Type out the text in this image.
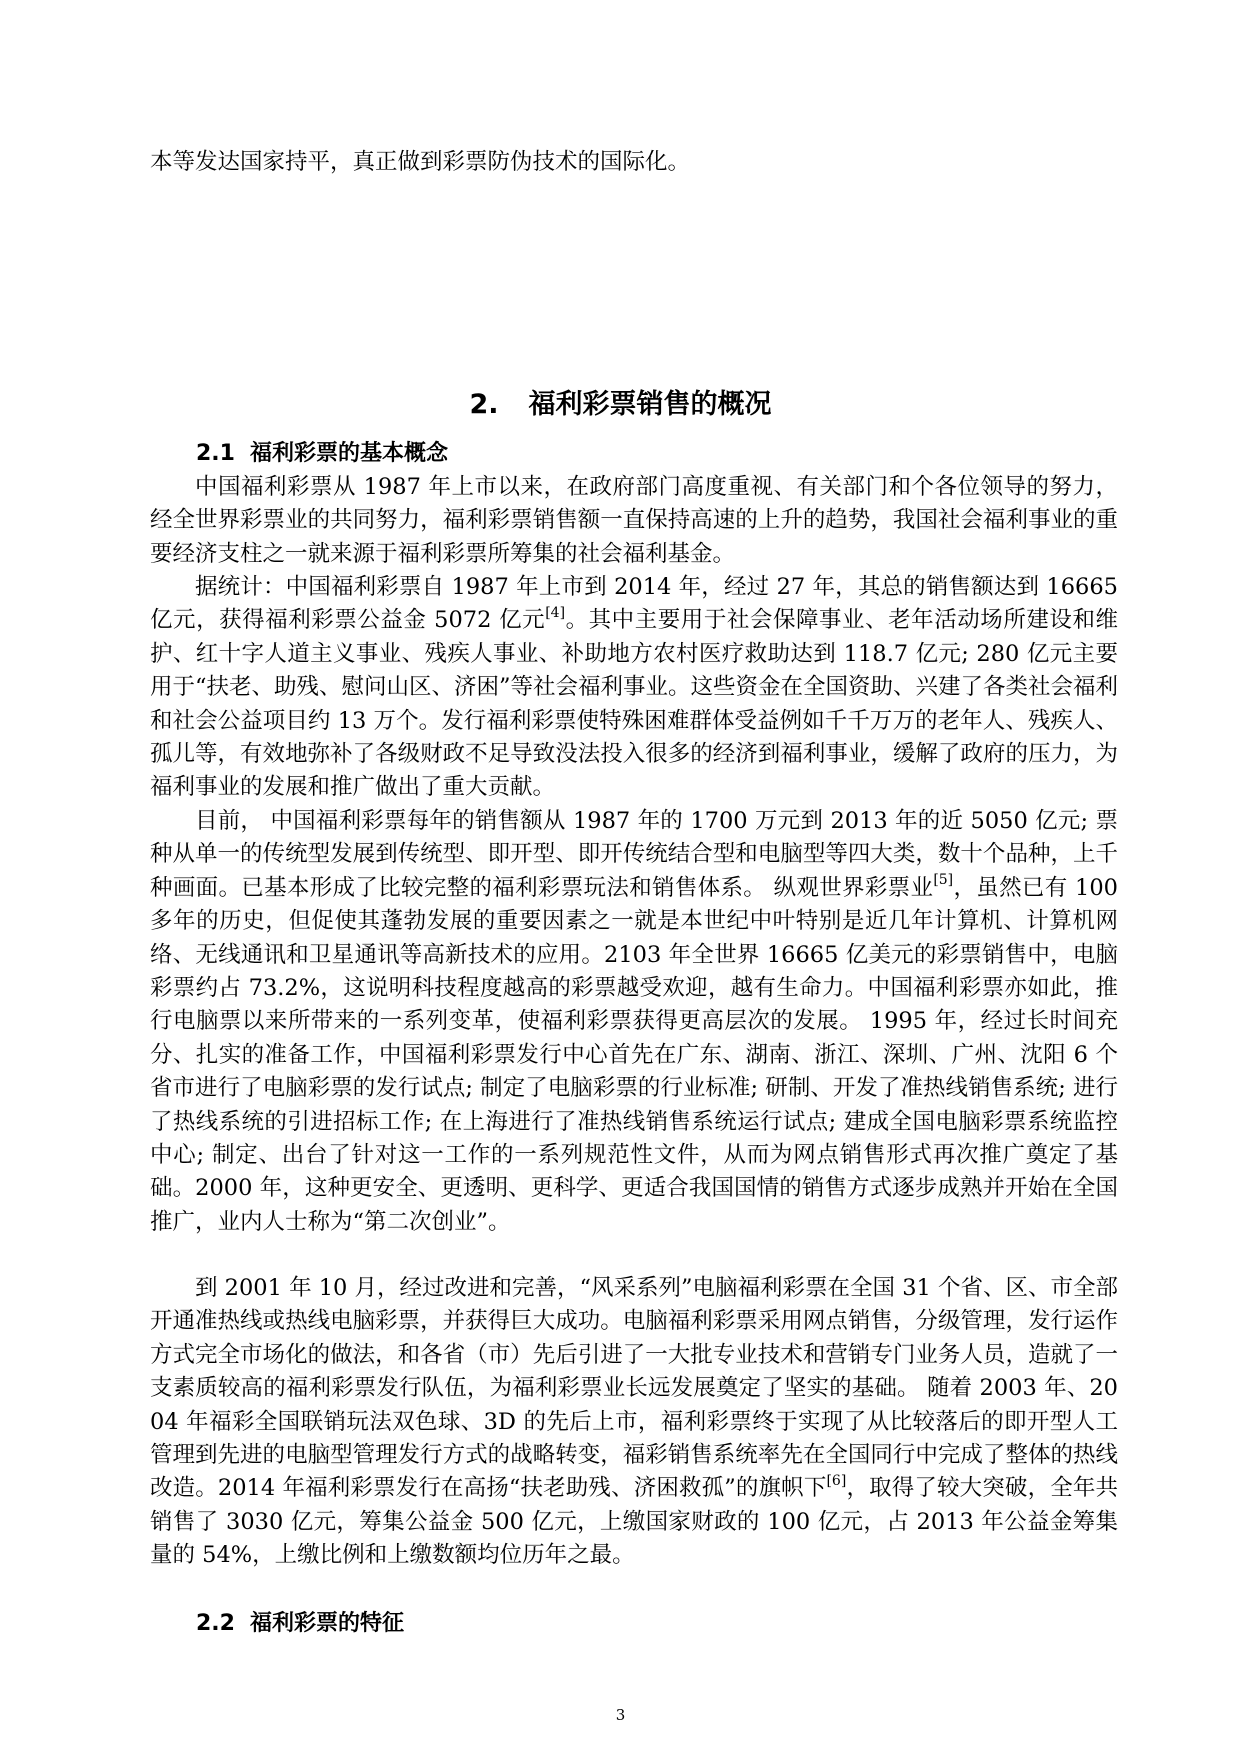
本等发达国家持平，真正做到彩票防伪技术的国际化。

2. 福利彩票销售的概况
2.1 福利彩票的基本概念

中国福利彩票从 1987 年上市以来，在政府部门高度重视、有关部门和个各位领导的努力，经全世界彩票业的共同努力，福利彩票销售额一直保持高速的上升的趋势，我国社会福利事业的重要经济支柱之一就来源于福利彩票所筹集的社会福利基金。

据统计：中国福利彩票自 1987 年上市到 2014 年，经过 27 年，其总的销售额达到 16665 亿元，获得福利彩票公益金 5072 亿元[4]。其中主要用于社会保障事业、老年活动场所建设和维护、红十字人道主义事业、残疾人事业、补助地方农村医疗救助达到 118.7 亿元; 280 亿元主要用于“扶老、助残、慰问山区、济困”等社会福利事业。这些资金在全国资助、兴建了各类社会福利和社会公益项目约 13 万个。发行福利彩票使特殊困难群体受益例如千千万万的老年人、残疾人、孤儿等，有效地弥补了各级财政不足导致没法投入很多的经济到福利事业，缓解了政府的压力，为福利事业的发展和推广做出了重大贡献。

目前， 中国福利彩票每年的销售额从 1987 年的 1700 万元到 2013 年的近 5050 亿元; 票种从单一的传统型发展到传统型、即开型、即开传统结合型和电脑型等四大类，数十个品种，上千种画面。已基本形成了比较完整的福利彩票玩法和销售体系。 纵观世界彩票业[5]，虽然已有 100 多年的历史，但促使其蓬勃发展的重要因素之一就是本世纪中叶特别是近几年计算机、计算机网络、无线通讯和卫星通讯等高新技术的应用。2103 年全世界 16665 亿美元的彩票销售中，电脑彩票约占 73.2%，这说明科技程度越高的彩票越受欢迎，越有生命力。中国福利彩票亦如此，推行电脑票以来所带来的一系列变革，使福利彩票获得更高层次的发展。 1995 年，经过长时间充分、扎实的准备工作，中国福利彩票发行中心首先在广东、湖南、浙江、深圳、广州、沈阳 6 个省市进行了电脑彩票的发行试点; 制定了电脑彩票的行业标准; 研制、开发了准热线销售系统; 进行了热线系统的引进招标工作; 在上海进行了准热线销售系统运行试点; 建成全国电脑彩票系统监控中心; 制定、出台了针对这一工作的一系列规范性文件，从而为网点销售形式再次推广奠定了基础。2000 年，这种更安全、更透明、更科学、更适合我国国情的销售方式逐步成熟并开始在全国推广，业内人士称为“第二次创业”。

到 2001 年 10 月，经过改进和完善，“风采系列”电脑福利彩票在全国 31 个省、区、市全部开通准热线或热线电脑彩票，并获得巨大成功。电脑福利彩票采用网点销售，分级管理，发行运作方式完全市场化的做法，和各省（市）先后引进了一大批专业技术和营销专门业务人员，造就了一支素质较高的福利彩票发行队伍，为福利彩票业长远发展奠定了坚实的基础。 随着 2003 年、2004 年福彩全国联销玩法双色球、3D 的先后上市，福利彩票终于实现了从比较落后的即开型人工管理到先进的电脑型管理发行方式的战略转变，福彩销售系统率先在全国同行中完成了整体的热线改造。2014 年福利彩票发行在高扬“扶老助残、济困救孤”的旗帜下[6]，取得了较大突破，全年共销售了 3030 亿元，筹集公益金 500 亿元，上缴国家财政的 100 亿元，占 2013 年公益金筹集量的 54%，上缴比例和上缴数额均位历年之最。

2.2 福利彩票的特征
3
